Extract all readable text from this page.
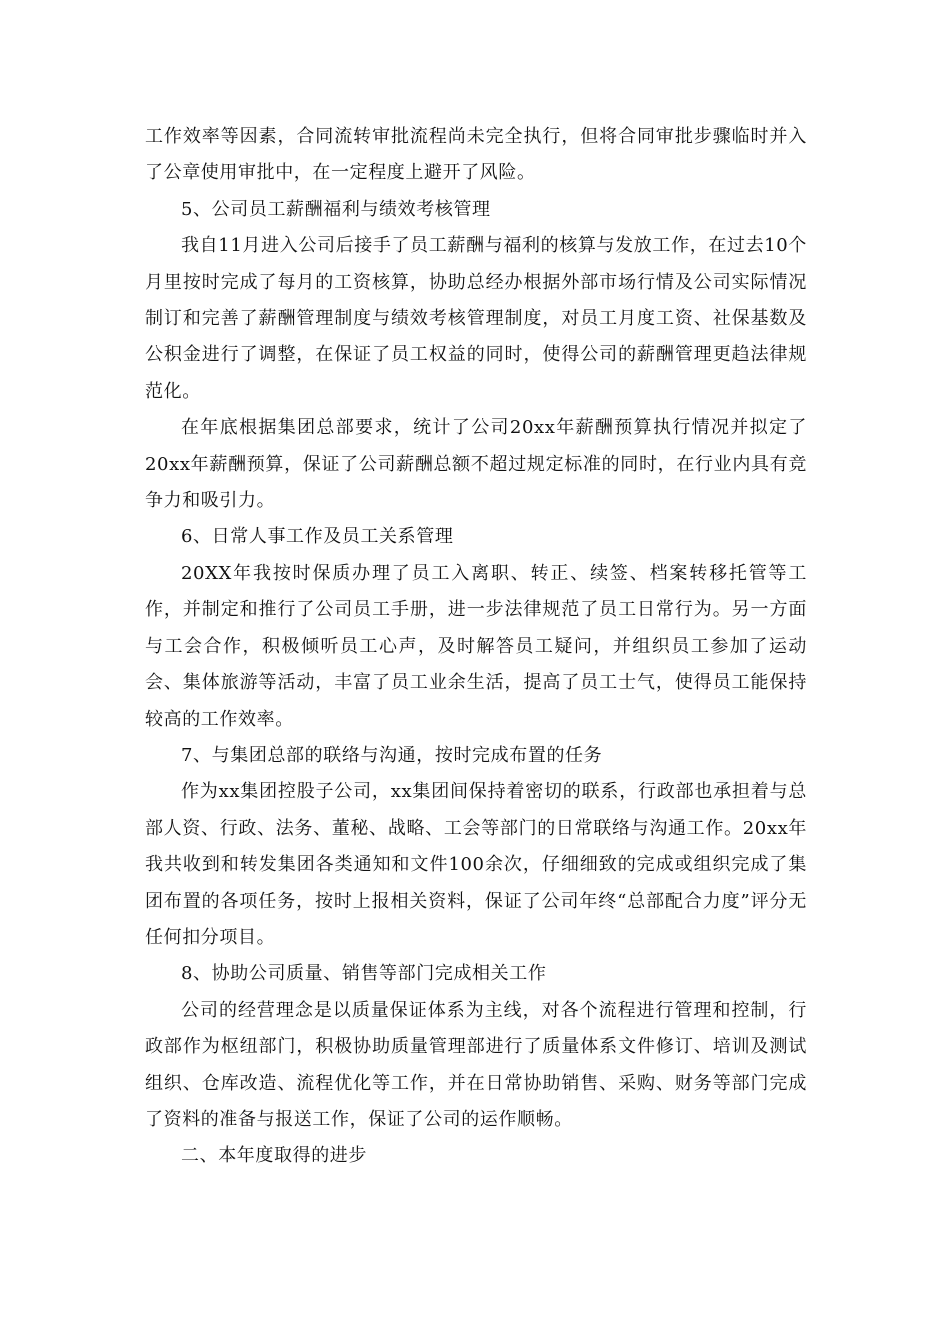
工作效率等因素，合同流转审批流程尚未完全执行，但将合同审批步骤临时并入了公章使用审批中，在一定程度上避开了风险。

5、公司员工薪酬福利与绩效考核管理

我自11月进入公司后接手了员工薪酬与福利的核算与发放工作，在过去10个月里按时完成了每月的工资核算，协助总经办根据外部市场行情及公司实际情况制订和完善了薪酬管理制度与绩效考核管理制度，对员工月度工资、社保基数及公积金进行了调整，在保证了员工权益的同时，使得公司的薪酬管理更趋法律规范化。

在年底根据集团总部要求，统计了公司20xx年薪酬预算执行情况并拟定了20xx年薪酬预算，保证了公司薪酬总额不超过规定标准的同时，在行业内具有竞争力和吸引力。

6、日常人事工作及员工关系管理

20XX年我按时保质办理了员工入离职、转正、续签、档案转移托管等工作，并制定和推行了公司员工手册，进一步法律规范了员工日常行为。另一方面与工会合作，积极倾听员工心声，及时解答员工疑问，并组织员工参加了运动会、集体旅游等活动，丰富了员工业余生活，提高了员工士气，使得员工能保持较高的工作效率。

7、与集团总部的联络与沟通，按时完成布置的任务

作为xx集团控股子公司，xx集团间保持着密切的联系，行政部也承担着与总部人资、行政、法务、董秘、战略、工会等部门的日常联络与沟通工作。20xx年我共收到和转发集团各类通知和文件100余次，仔细细致的完成或组织完成了集团布置的各项任务，按时上报相关资料，保证了公司年终“总部配合力度”评分无任何扣分项目。

8、协助公司质量、销售等部门完成相关工作

公司的经营理念是以质量保证体系为主线，对各个流程进行管理和控制，行政部作为枢纽部门，积极协助质量管理部进行了质量体系文件修订、培训及测试组织、仓库改造、流程优化等工作，并在日常协助销售、采购、财务等部门完成了资料的准备与报送工作，保证了公司的运作顺畅。

二、本年度取得的进步
